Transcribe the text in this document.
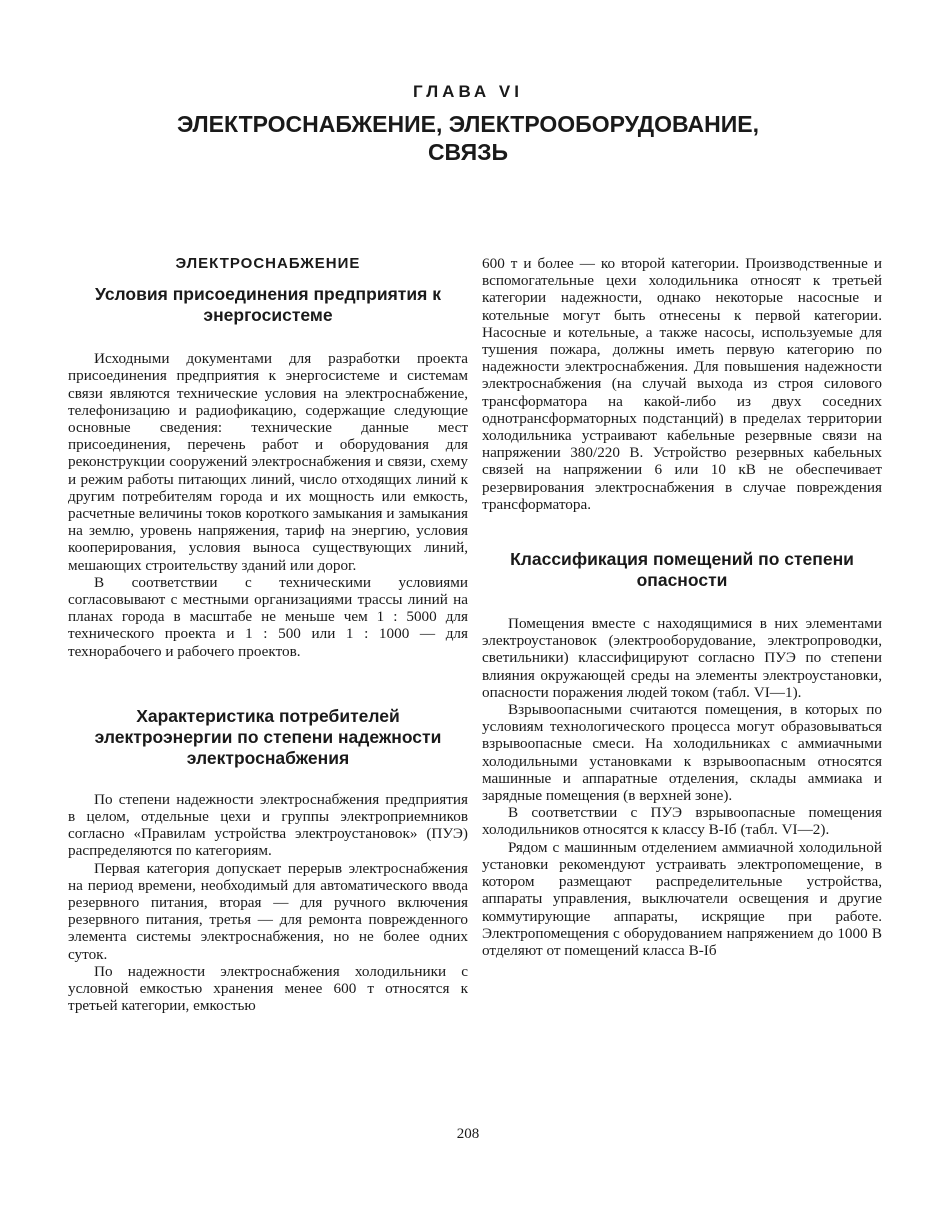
ГЛАВА VI
ЭЛЕКТРОСНАБЖЕНИЕ, ЭЛЕКТРООБОРУДОВАНИЕ,
СВЯЗЬ
ЭЛЕКТРОСНАБЖЕНИЕ
Условия присоединения предприятия к энергосистеме

Исходными документами для разработки проекта присоединения предприятия к энергосистеме и системам связи являются технические условия на электроснабжение, телефонизацию и радиофикацию, содержащие следующие основные сведения: технические данные мест присоединения, перечень работ и оборудования для реконструкции сооружений электроснабжения и связи, схему и режим работы питающих линий, число отходящих линий к другим потребителям города и их мощность или емкость, расчетные величины токов короткого замыкания и замыкания на землю, уровень напряжения, тариф на энергию, условия кооперирования, условия выноса существующих линий, мешающих строительству зданий или дорог.

В соответствии с техническими условиями согласовывают с местными организациями трассы линий на планах города в масштабе не меньше чем 1 : 5000 для технического проекта и 1 : 500 или 1 : 1000 — для технорабочего и рабочего проектов.

Характеристика потребителей электроэнергии по степени надежности электроснабжения

По степени надежности электроснабжения предприятия в целом, отдельные цехи и группы электроприемников согласно «Правилам устройства электроустановок» (ПУЭ) распределяются по категориям.

Первая категория допускает перерыв электроснабжения на период времени, необходимый для автоматического ввода резервного питания, вторая — для ручного включения резервного питания, третья — для ремонта поврежденного элемента системы электроснабжения, но не более одних суток.

По надежности электроснабжения холодильники с условной емкостью хранения менее 600 т относятся к третьей категории, емкостью

600 т и более — ко второй категории. Производственные и вспомогательные цехи холодильника относят к третьей категории надежности, однако некоторые насосные и котельные могут быть отнесены к первой категории. Насосные и котельные, а также насосы, используемые для тушения пожара, должны иметь первую категорию по надежности электроснабжения. Для повышения надежности электроснабжения (на случай выхода из строя силового трансформатора на какой-либо из двух соседних однотрансформаторных подстанций) в пределах территории холодильника устраивают кабельные резервные связи на напряжении 380/220 В. Устройство резервных кабельных связей на напряжении 6 или 10 кВ не обеспечивает резервирования электроснабжения в случае повреждения трансформатора.

Классификация помещений по степени опасности

Помещения вместе с находящимися в них элементами электроустановок (электрооборудование, электропроводки, светильники) классифицируют согласно ПУЭ по степени влияния окружающей среды на элементы электроустановки, опасности поражения людей током (табл. VI—1).

Взрывоопасными считаются помещения, в которых по условиям технологического процесса могут образовываться взрывоопасные смеси. На холодильниках с аммиачными холодильными установками к взрывоопасным относятся машинные и аппаратные отделения, склады аммиака и зарядные помещения (в верхней зоне).

В соответствии с ПУЭ взрывоопасные помещения холодильников относятся к классу В-Iб (табл. VI—2).

Рядом с машинным отделением аммиачной холодильной установки рекомендуют устраивать электропомещение, в котором размещают распределительные устройства, аппараты управления, выключатели освещения и другие коммутирующие аппараты, искрящие при работе. Электропомещения с оборудованием напряжением до 1000 В отделяют от помещений класса В-Iб

208
